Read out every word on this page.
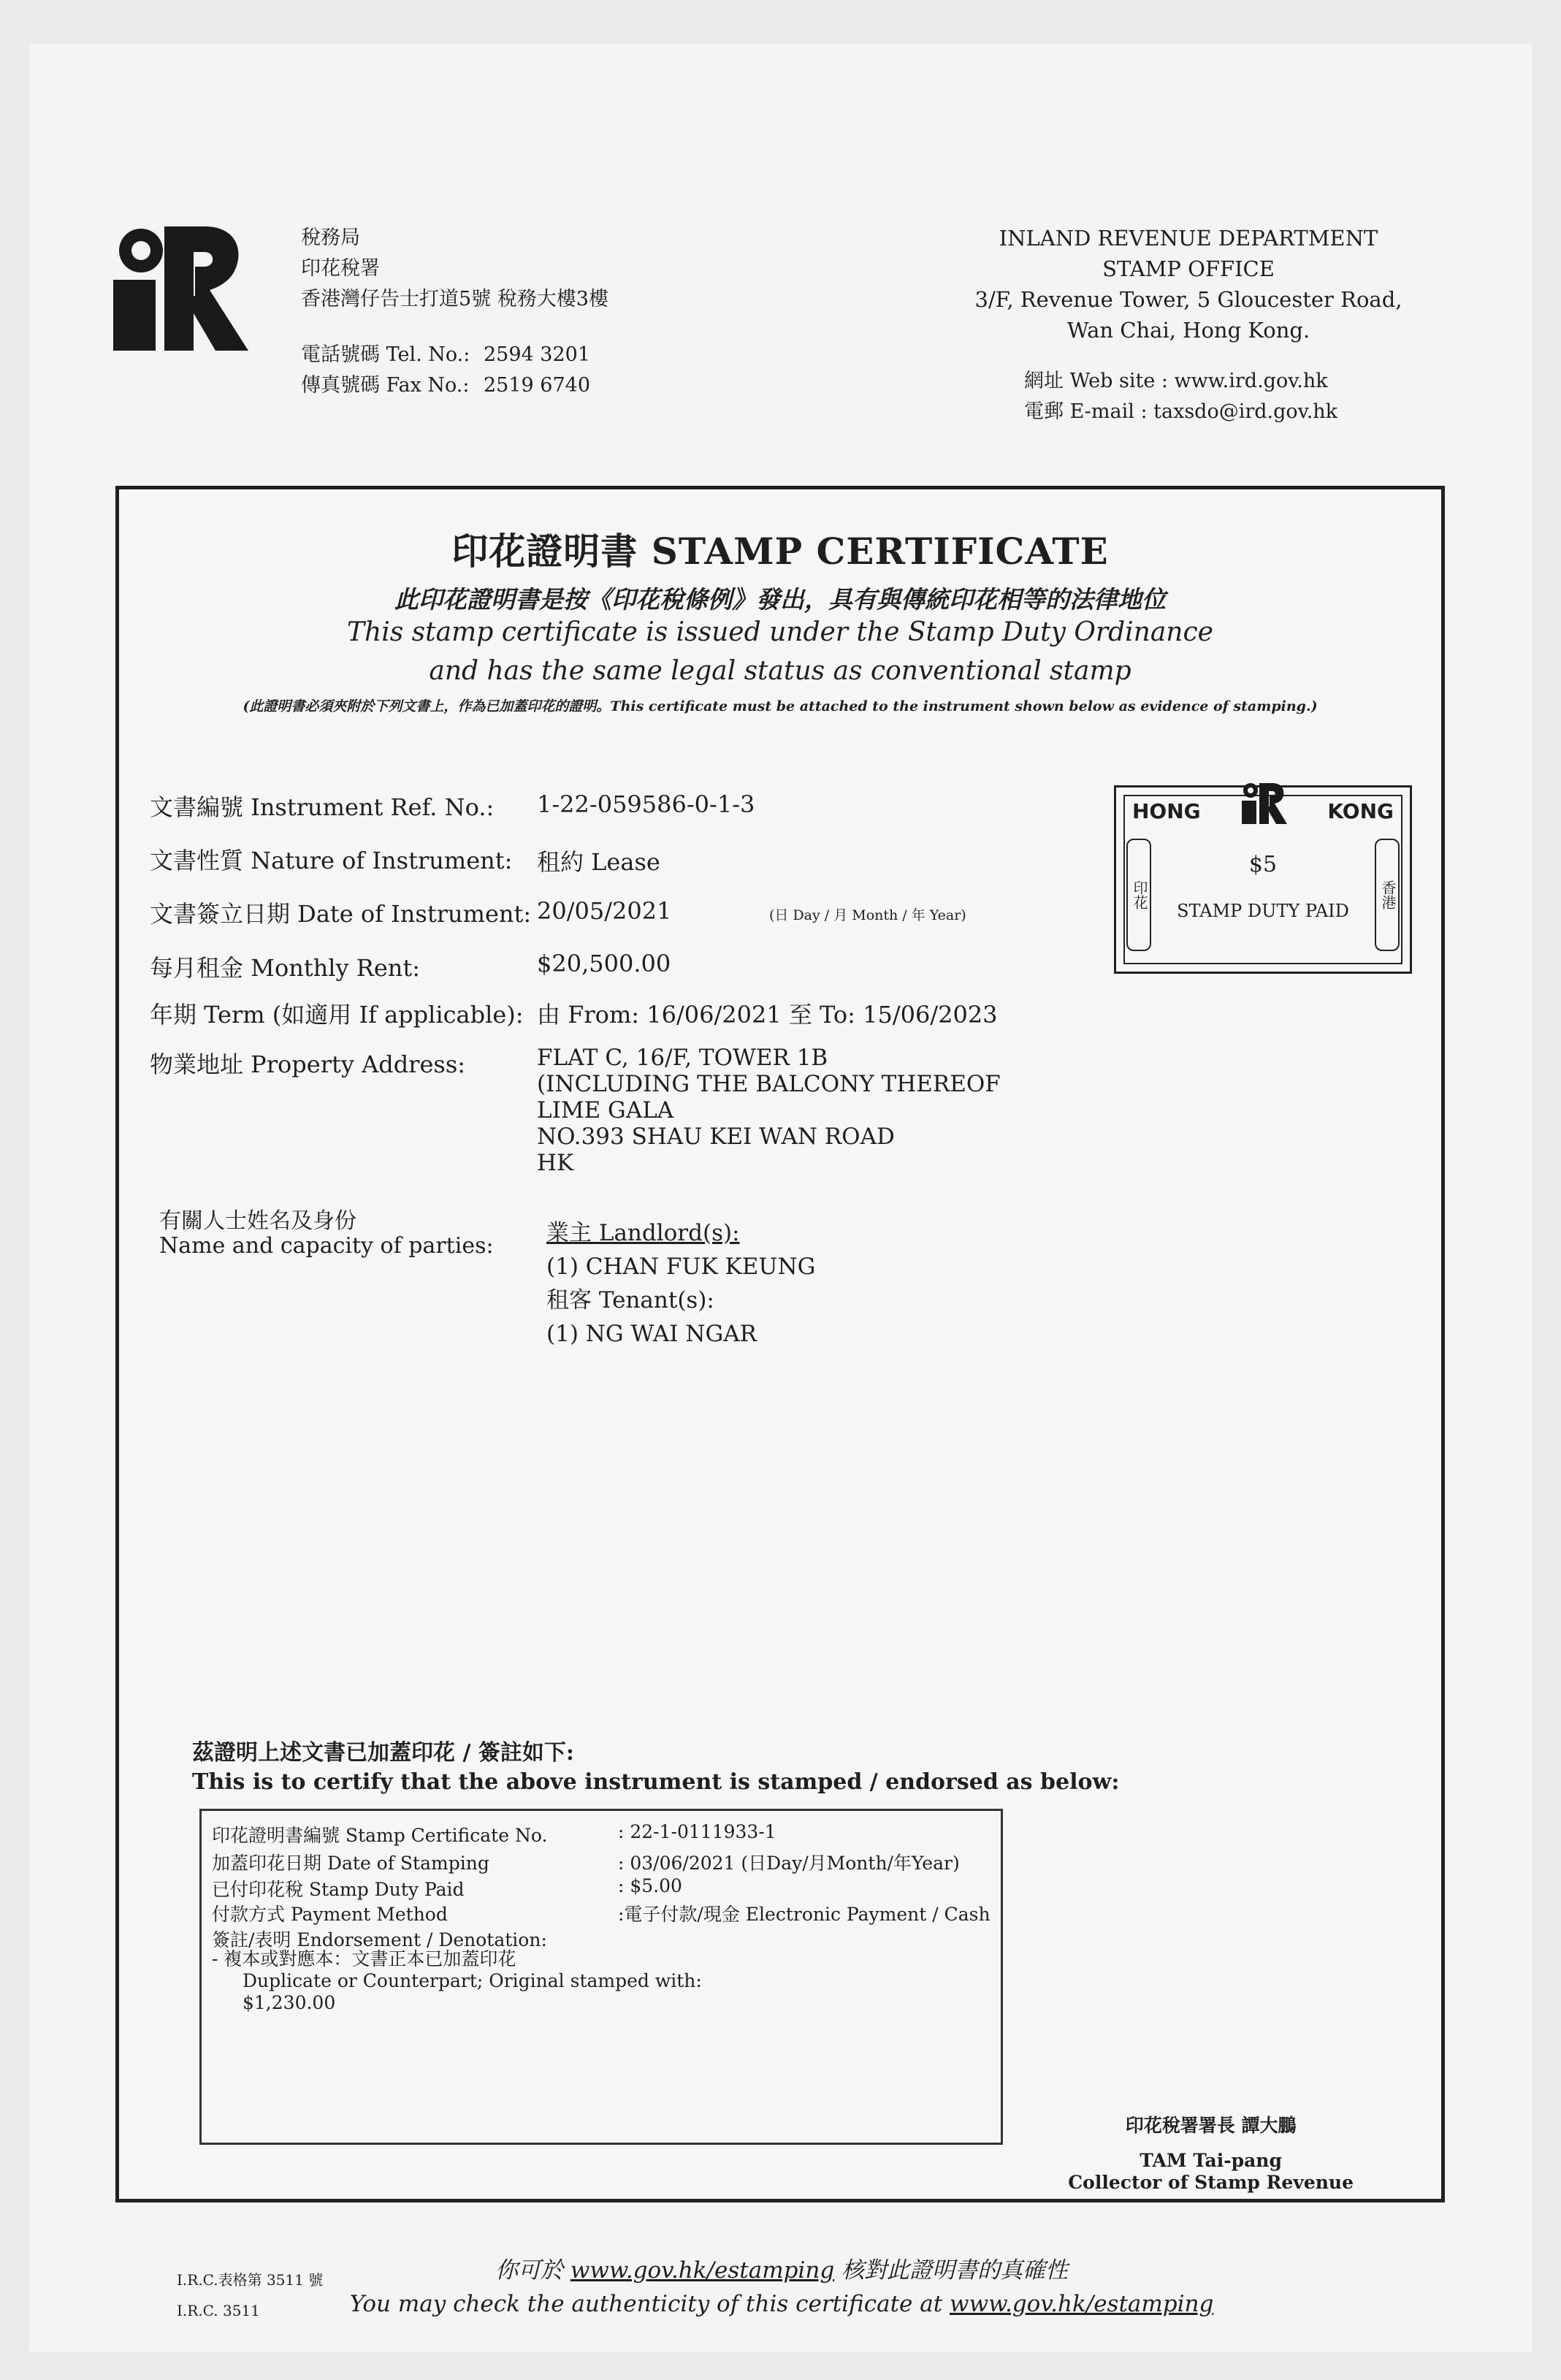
稅務局
印花稅署
香港灣仔告士打道5號 稅務大樓3樓
電話號碼 Tel. No.: 2594 3201
傳真號碼 Fax No.: 2519 6740
INLAND REVENUE DEPARTMENT
STAMP OFFICE
3/F, Revenue Tower, 5 Gloucester Road,
Wan Chai, Hong Kong.
網址 Web site : www.ird.gov.hk
電郵 E-mail : taxsdo@ird.gov.hk
印花證明書 STAMP CERTIFICATE
此印花證明書是按《印花稅條例》發出，具有與傳統印花相等的法律地位
This stamp certificate is issued under the Stamp Duty Ordinance
and has the same legal status as conventional stamp
(此證明書必須夾附於下列文書上，作為已加蓋印花的證明。This certificate must be attached to the instrument shown below as evidence of stamping.)
文書編號 Instrument Ref. No.: 1-22-059586-0-1-3
文書性質 Nature of Instrument: 租約 Lease
文書簽立日期 Date of Instrument: 20/05/2021	(日 Day / 月 Month / 年 Year)
每月租金 Monthly Rent:	$20,500.00
年期 Term (如適用 If applicable): 由 From: 16/06/2021 至 To: 15/06/2023
物業地址 Property Address:	FLAT C, 16/F, TOWER 1B
(INCLUDING THE BALCONY THEREOF
LIME GALA
NO.393 SHAU KEI WAN ROAD
HK
有關人士姓名及身份
Name and capacity of parties: 業主 Landlord(s):
(1) CHAN FUK KEUNG
租客 Tenant(s):
(1) NG WAI NGAR
HONG	KONG
印花	香港
$5
STAMP DUTY PAID
茲證明上述文書已加蓋印花 / 簽註如下:
This is to certify that the above instrument is stamped / endorsed as below:
印花證明書編號 Stamp Certificate No.	: 22-1-0111933-1
加蓋印花日期 Date of Stamping	: 03/06/2021 (日Day/月Month/年Year)
已付印花稅 Stamp Duty Paid	: $5.00
付款方式 Payment Method	:電子付款/現金 Electronic Payment / Cash
簽註/表明 Endorsement / Denotation:
- 複本或對應本：文書正本已加蓋印花
Duplicate or Counterpart; Original stamped with:
$1,230.00
印花稅署署長 譚大鵬
TAM Tai-pang
Collector of Stamp Revenue
I.R.C.表格第 3511 號
I.R.C. 3511
你可於 www.gov.hk/estamping 核對此證明書的真確性
You may check the authenticity of this certificate at www.gov.hk/estamping
